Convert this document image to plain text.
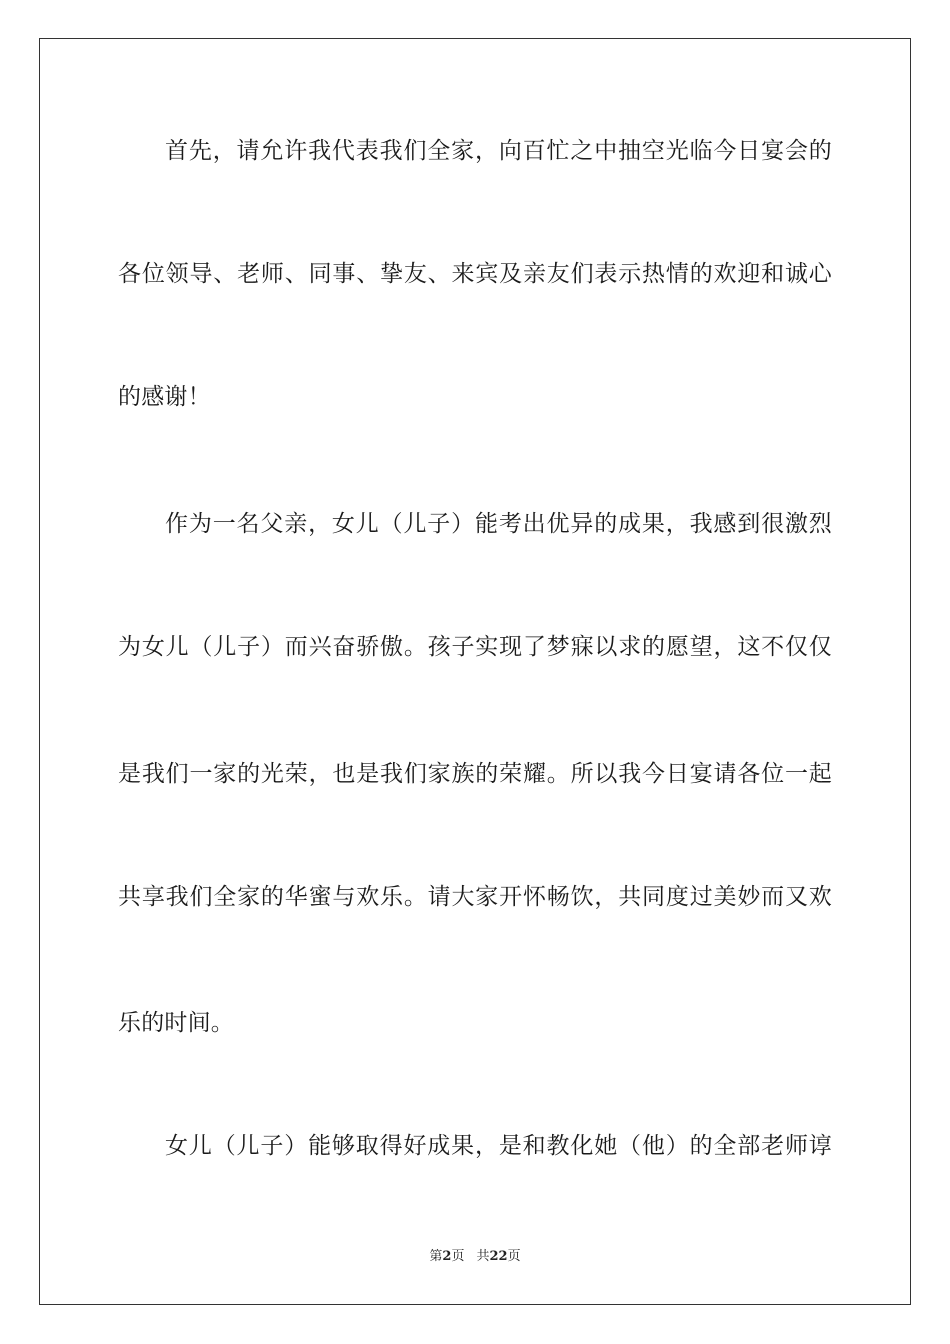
首先，请允许我代表我们全家，向百忙之中抽空光临今日宴会的
各位领导、老师、同事、挚友、来宾及亲友们表示热情的欢迎和诚心
的感谢！
作为一名父亲，女儿（儿子）能考出优异的成果，我感到很激烈
为女儿（儿子）而兴奋骄傲。孩子实现了梦寐以求的愿望，这不仅仅
是我们一家的光荣，也是我们家族的荣耀。所以我今日宴请各位一起
共享我们全家的华蜜与欢乐。请大家开怀畅饮，共同度过美妙而又欢
乐的时间。
女儿（儿子）能够取得好成果，是和教化她（他）的全部老师谆
第2页 共22页
